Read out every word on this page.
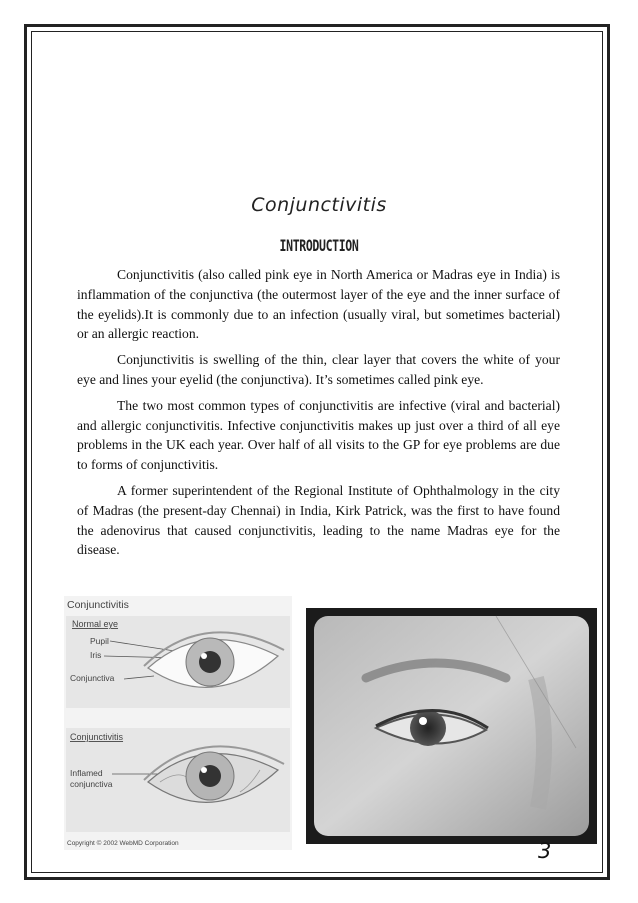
Conjunctivitis
INTRODUCTION

Conjunctivitis (also called pink eye in North America or Madras eye in India) is inflammation of the conjunctiva (the outermost layer of the eye and the inner surface of the eyelids).It is commonly due to an infection (usually viral, but sometimes bacterial) or an allergic reaction.

Conjunctivitis is swelling of the thin, clear layer that covers the white of your eye and lines your eyelid (the conjunctiva). It’s sometimes called pink eye.

The two most common types of conjunctivitis are infective (viral and bacterial) and allergic conjunctivitis. Infective conjunctivitis makes up just over a third of all eye problems in the UK each year. Over half of all visits to the GP for eye problems are due to forms of conjunctivitis.

A former superintendent of the Regional Institute of Ophthalmology in the city of Madras (the present-day Chennai) in India, Kirk Patrick, was the first to have found the adenovirus that caused conjunctivitis, leading to the name Madras eye for the disease.

Conjunctivitis
Normal eye
Pupil
Iris
Conjunctiva
Conjunctivitis
Inflamed
conjunctiva
Copyright © 2002 WebMD Corporation	3
